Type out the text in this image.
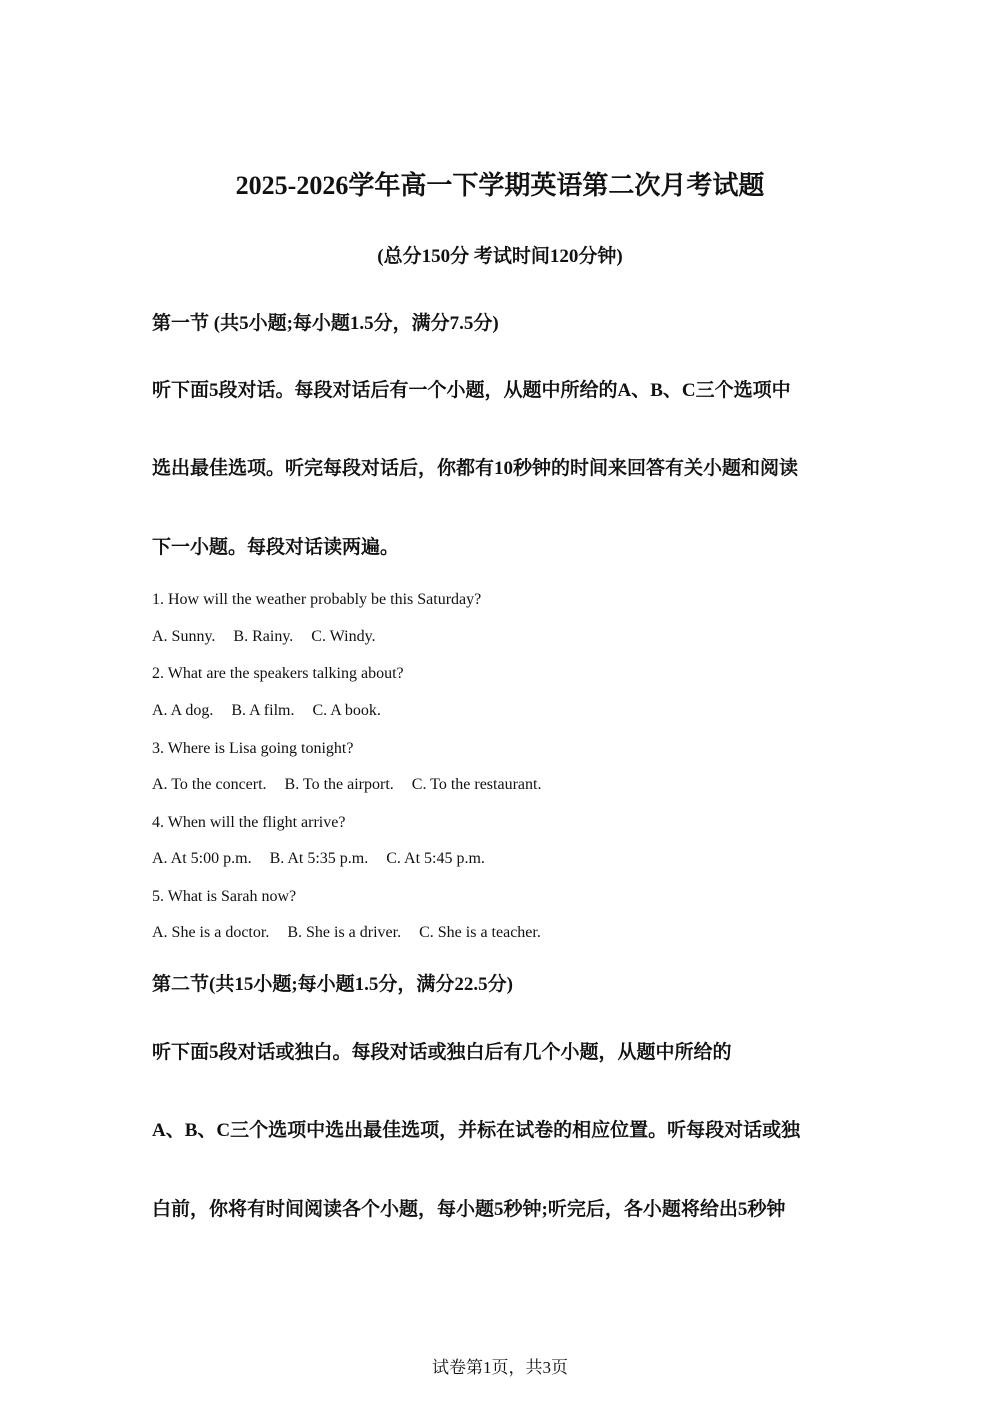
2025-2026学年高一下学期英语第二次月考试题
(总分150分 考试时间120分钟)
第一节 (共5小题;每小题1.5分，满分7.5分)
听下面5段对话。每段对话后有一个小题，从题中所给的A、B、C三个选项中
选出最佳选项。听完每段对话后，你都有10秒钟的时间来回答有关小题和阅读
下一小题。每段对话读两遍。
1. How will the weather probably be this Saturday?
A. Sunny. B. Rainy. C. Windy.
2. What are the speakers talking about?
A. A dog. B. A film. C. A book.
3. Where is Lisa going tonight?
A. To the concert. B. To the airport. C. To the restaurant.
4. When will the flight arrive?
A. At 5:00 p.m. B. At 5:35 p.m. C. At 5:45 p.m.
5. What is Sarah now?
A. She is a doctor. B. She is a driver. C. She is a teacher.
第二节(共15小题;每小题1.5分，满分22.5分)
听下面5段对话或独白。每段对话或独白后有几个小题，从题中所给的
A、B、C三个选项中选出最佳选项，并标在试卷的相应位置。听每段对话或独
白前，你将有时间阅读各个小题，每小题5秒钟;听完后，各小题将给出5秒钟
试卷第1页，共3页
